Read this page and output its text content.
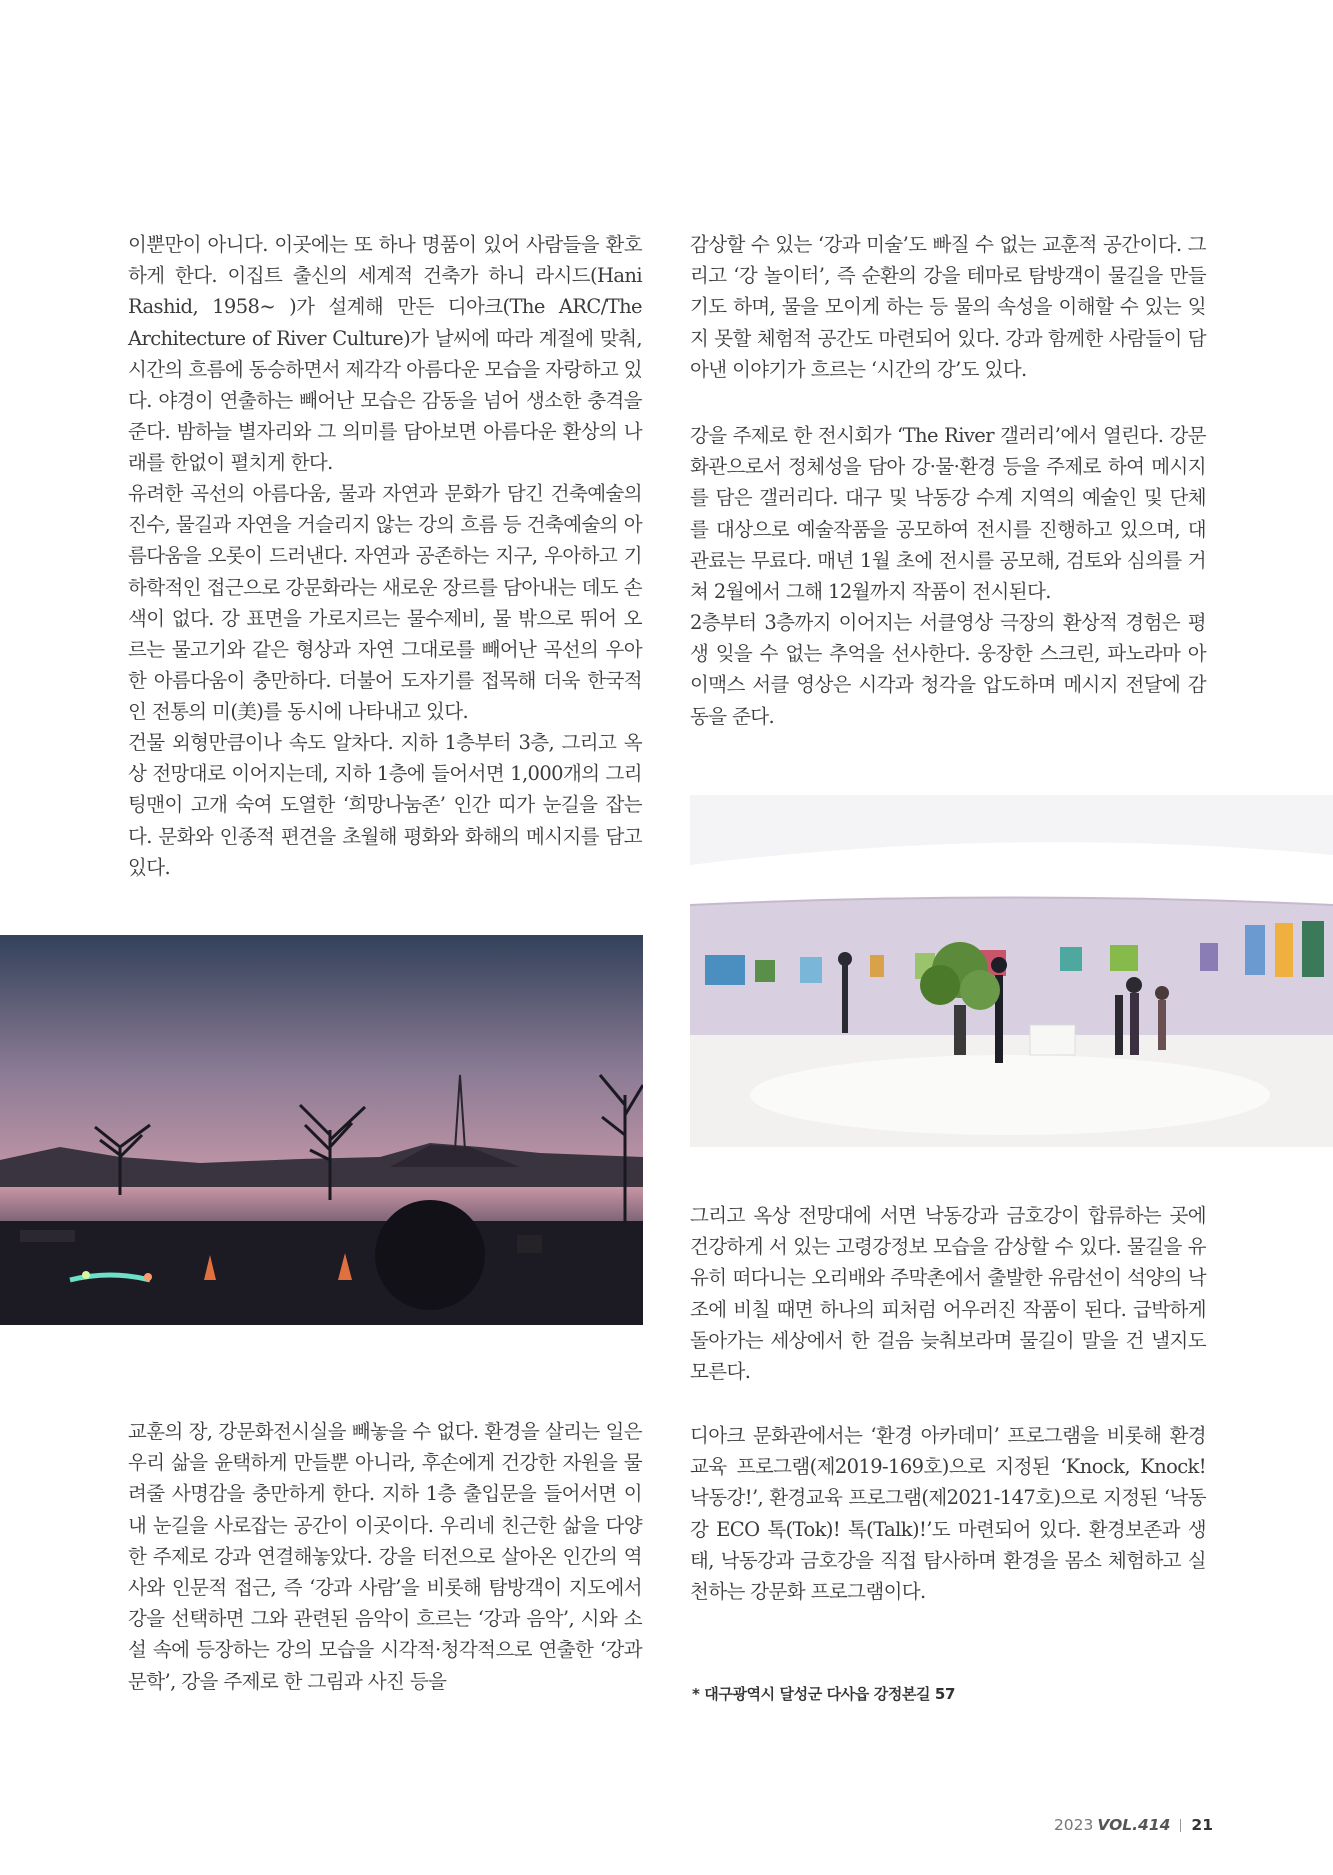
이뿐만이 아니다. 이곳에는 또 하나 명품이 있어 사람들을 환호하게 한다. 이집트 출신의 세계적 건축가 하니 라시드(Hani Rashid, 1958~ )가 설계해 만든 디아크(The ARC/The Architecture of River Culture)가 날씨에 따라 계절에 맞춰, 시간의 흐름에 동승하면서 제각각 아름다운 모습을 자랑하고 있다. 야경이 연출하는 빼어난 모습은 감동을 넘어 생소한 충격을 준다. 밤하늘 별자리와 그 의미를 담아보면 아름다운 환상의 나래를 한없이 펼치게 한다.

유려한 곡선의 아름다움, 물과 자연과 문화가 담긴 건축예술의 진수, 물길과 자연을 거슬리지 않는 강의 흐름 등 건축예술의 아름다움을 오롯이 드러낸다. 자연과 공존하는 지구, 우아하고 기하학적인 접근으로 강문화라는 새로운 장르를 담아내는 데도 손색이 없다. 강 표면을 가로지르는 물수제비, 물 밖으로 뛰어 오르는 물고기와 같은 형상과 자연 그대로를 빼어난 곡선의 우아한 아름다움이 충만하다. 더불어 도자기를 접목해 더욱 한국적인 전통의 미(美)를 동시에 나타내고 있다.

건물 외형만큼이나 속도 알차다. 지하 1층부터 3층, 그리고 옥상 전망대로 이어지는데, 지하 1층에 들어서면 1,000개의 그리팅맨이 고개 숙여 도열한 ‘희망나눔존’ 인간 띠가 눈길을 잡는다. 문화와 인종적 편견을 초월해 평화와 화해의 메시지를 담고 있다.

교훈의 장, 강문화전시실을 빼놓을 수 없다. 환경을 살리는 일은 우리 삶을 윤택하게 만들뿐 아니라, 후손에게 건강한 자원을 물려줄 사명감을 충만하게 한다. 지하 1층 출입문을 들어서면 이내 눈길을 사로잡는 공간이 이곳이다. 우리네 친근한 삶을 다양한 주제로 강과 연결해놓았다. 강을 터전으로 살아온 인간의 역사와 인문적 접근, 즉 ‘강과 사람’을 비롯해 탐방객이 지도에서 강을 선택하면 그와 관련된 음악이 흐르는 ‘강과 음악’, 시와 소설 속에 등장하는 강의 모습을 시각적·청각적으로 연출한 ‘강과 문학’, 강을 주제로 한 그림과 사진 등을

감상할 수 있는 ‘강과 미술’도 빠질 수 없는 교훈적 공간이다. 그리고 ‘강 놀이터’, 즉 순환의 강을 테마로 탐방객이 물길을 만들기도 하며, 물을 모이게 하는 등 물의 속성을 이해할 수 있는 잊지 못할 체험적 공간도 마련되어 있다. 강과 함께한 사람들이 담아낸 이야기가 흐르는 ‘시간의 강’도 있다.

강을 주제로 한 전시회가 ‘The River 갤러리’에서 열린다. 강문화관으로서 정체성을 담아 강·물·환경 등을 주제로 하여 메시지를 담은 갤러리다. 대구 및 낙동강 수계 지역의 예술인 및 단체를 대상으로 예술작품을 공모하여 전시를 진행하고 있으며, 대관료는 무료다. 매년 1월 초에 전시를 공모해, 검토와 심의를 거쳐 2월에서 그해 12월까지 작품이 전시된다.

2층부터 3층까지 이어지는 서클영상 극장의 환상적 경험은 평생 잊을 수 없는 추억을 선사한다. 웅장한 스크린, 파노라마 아이맥스 서클 영상은 시각과 청각을 압도하며 메시지 전달에 감동을 준다.

그리고 옥상 전망대에 서면 낙동강과 금호강이 합류하는 곳에 건강하게 서 있는 고령강정보 모습을 감상할 수 있다. 물길을 유유히 떠다니는 오리배와 주막촌에서 출발한 유람선이 석양의 낙조에 비칠 때면 하나의 피처럼 어우러진 작품이 된다. 급박하게 돌아가는 세상에서 한 걸음 늦춰보라며 물길이 말을 건 낼지도 모른다.

디아크 문화관에서는 ‘환경 아카데미’ 프로그램을 비롯해 환경교육 프로그램(제2019-169호)으로 지정된 ‘Knock, Knock! 낙동강!’, 환경교육 프로그램(제2021-147호)으로 지정된 ‘낙동강 ECO 톡(Tok)! 톡(Talk)!’도 마련되어 있다. 환경보존과 생태, 낙동강과 금호강을 직접 탐사하며 환경을 몸소 체험하고 실천하는 강문화 프로그램이다.

* 대구광역시 달성군 다사읍 강정본길 57
2023 VOL.414 21
